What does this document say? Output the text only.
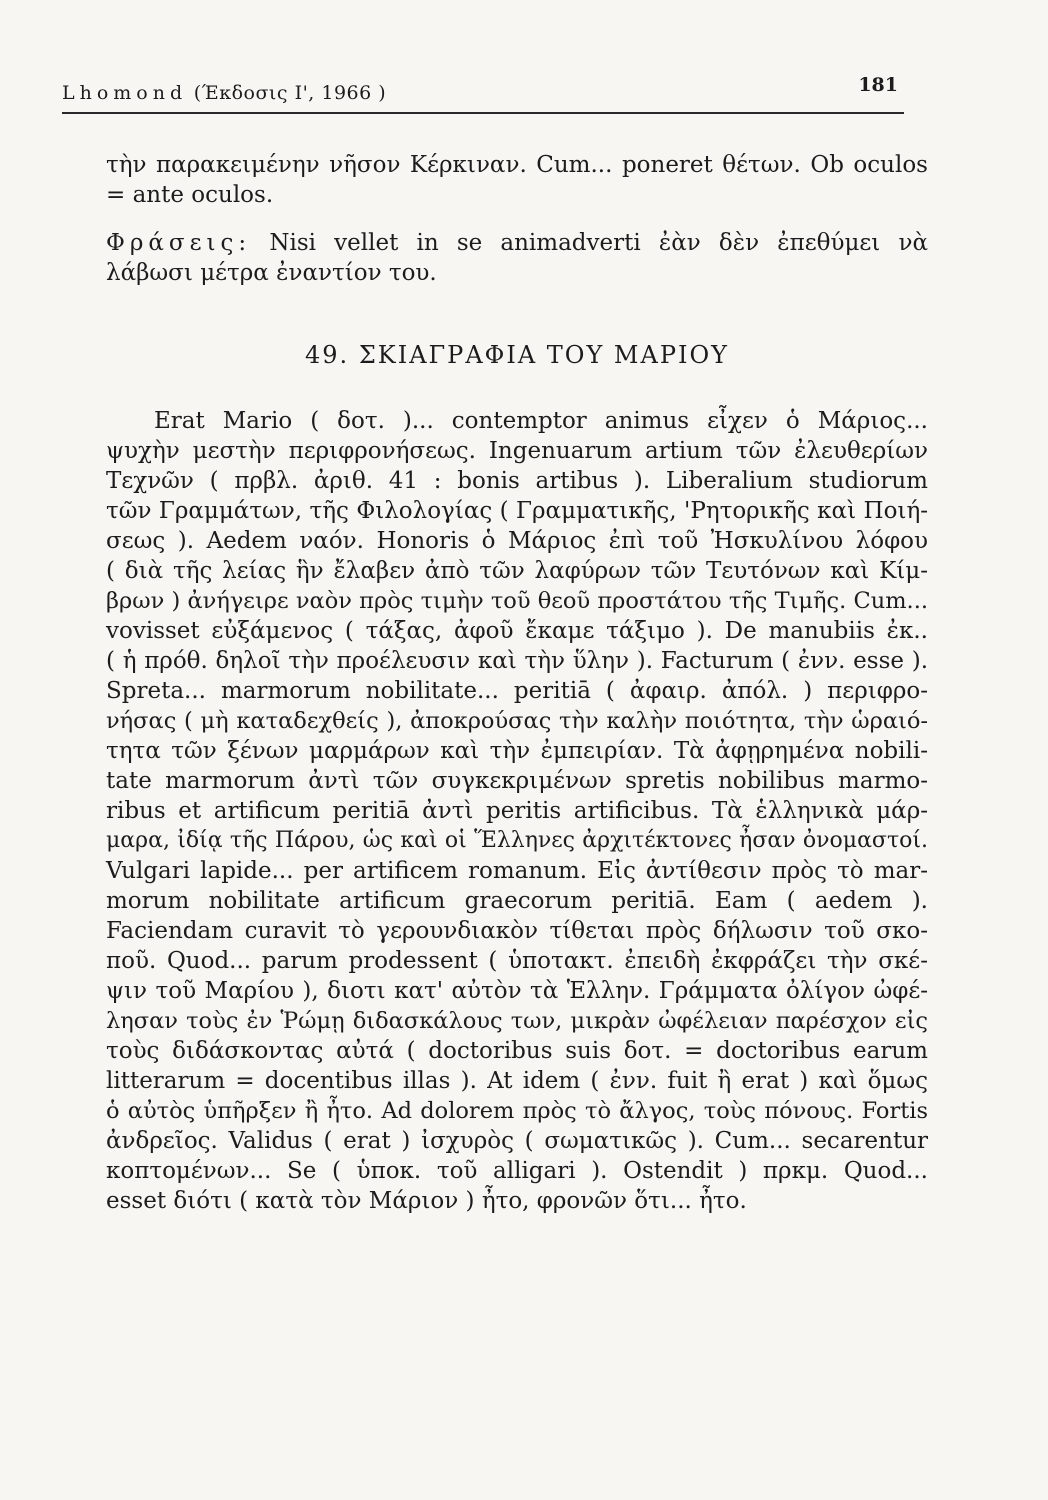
Lhomond (Έκδοσις Ι', 1966 )	181
τὴν παρακειμένην νῆσον Κέρκιναν. Cum... poneret θέτων. Ob oculos
= ante oculos.
Φράσεις: Nisi vellet in se animadverti ἐὰν δὲν ἐπεθύμει νὰ
λάβωσι μέτρα ἐναντίον του.
49. ΣΚΙΑΓΡΑΦΙΑ ΤΟΥ ΜΑΡΙΟΥ
Erat Mario ( δοτ. )... contemptor animus εἶχεν ὁ Μάριος...
ψυχὴν μεστὴν περιφρονήσεως. Ingenuarum artium τῶν ἐλευθερίων
Τεχνῶν ( πρβλ. ἀριθ. 41 : bonis artibus ). Liberalium studiorum
τῶν Γραμμάτων, τῆς Φιλολογίας ( Γραμματικῆς, 'Ρητορικῆς καὶ Ποιή-
σεως ). Aedem ναόν. Honoris ὁ Μάριος ἐπὶ τοῦ Ἠσκυλίνου λόφου
( διὰ τῆς λείας ἣν ἔλαβεν ἀπὸ τῶν λαφύρων τῶν Τευτόνων καὶ Κίμ-
βρων ) ἀνήγειρε ναὸν πρὸς τιμὴν τοῦ θεοῦ προστάτου τῆς Τιμῆς. Cum...
vovisset εὐξάμενος ( τάξας, ἀφοῦ ἔκαμε τάξιμο ). De manubiis ἐκ..
( ἡ πρόθ. δηλοῖ τὴν προέλευσιν καὶ τὴν ὕλην ). Facturum ( ἐνν. esse ).
Spreta... marmorum nobilitate... peritiā ( ἀφαιρ. ἀπόλ. ) περιφρο-
νήσας ( μὴ καταδεχθείς ), ἀποκρούσας τὴν καλὴν ποιότητα, τὴν ὡραιό-
τητα τῶν ξένων μαρμάρων καὶ τὴν ἐμπειρίαν. Τὰ ἀφῃρημένα nobili-
tate marmorum ἀντὶ τῶν συγκεκριμένων spretis nobilibus marmo-
ribus et artificum peritiā ἀντὶ peritis artificibus. Τὰ ἑλληνικὰ μάρ-
μαρα, ἰδίᾳ τῆς Πάρου, ὡς καὶ οἱ Ἕλληνες ἀρχιτέκτονες ἦσαν ὀνομαστοί.
Vulgari lapide... per artificem romanum. Εἰς ἀντίθεσιν πρὸς τὸ mar-
morum nobilitate artificum graecorum peritiā. Eam ( aedem ).
Faciendam curavit τὸ γερουνδιακὸν τίθεται πρὸς δήλωσιν τοῦ σκο-
ποῦ. Quod... parum prodessent ( ὑποτακτ. ἐπειδὴ ἐκφράζει τὴν σκέ-
ψιν τοῦ Μαρίου ), διοτι κατ' αὐτὸν τὰ Ἑλλην. Γράμματα ὀλίγον ὠφέ-
λησαν τοὺς ἐν Ῥώμῃ διδασκάλους των, μικρὰν ὠφέλειαν παρέσχον εἰς
τοὺς διδάσκοντας αὐτά ( doctoribus suis δοτ. = doctoribus earum
litterarum = docentibus illas ). At idem ( ἐνν. fuit ἢ erat ) καὶ ὅμως
ὁ αὐτὸς ὑπῆρξεν ἢ ἦτο. Ad dolorem πρὸς τὸ ἄλγος, τοὺς πόνους. Fortis
ἀνδρεῖος. Validus ( erat ) ἰσχυρὸς ( σωματικῶς ). Cum... secarentur
κοπτομένων... Se ( ὑποκ. τοῦ alligari ). Ostendit ) πρκμ. Quod...
esset διότι ( κατὰ τὸν Μάριον ) ἦτο, φρονῶν ὅτι... ἦτο.
